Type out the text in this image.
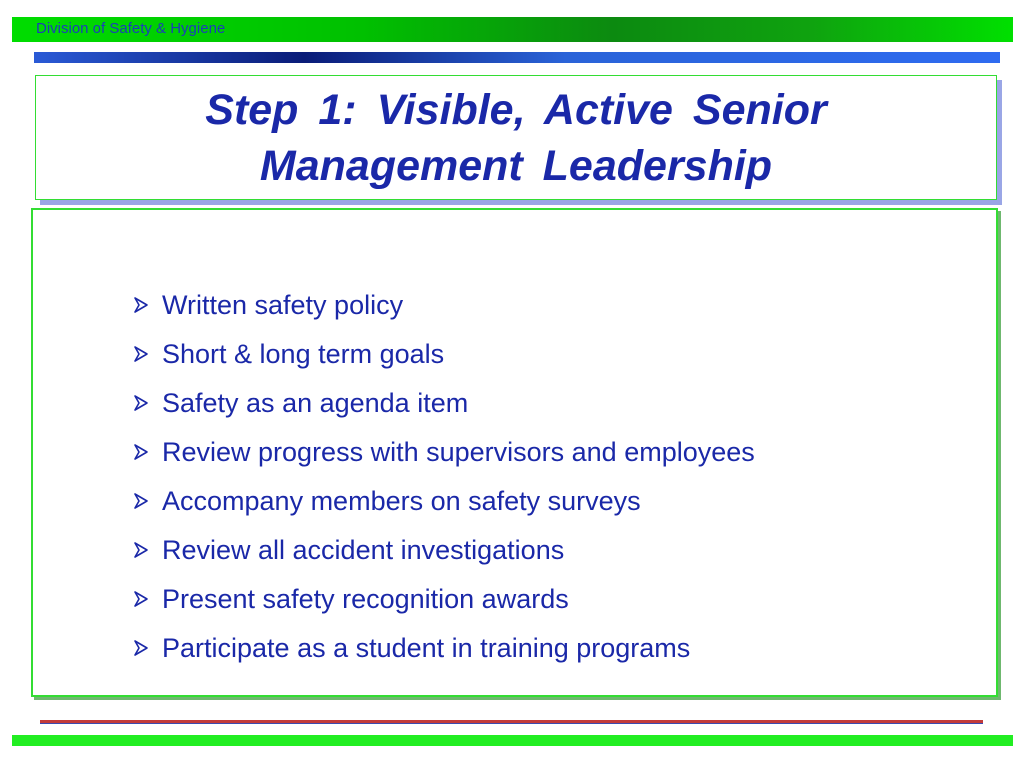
Division of Safety & Hygiene
Step 1: Visible, Active Senior
Management Leadership
Written safety policy
Short & long term goals
Safety as an agenda item
Review progress with supervisors and employees
Accompany members on safety surveys
Review all accident investigations
Present safety recognition awards
Participate as a student in training programs
